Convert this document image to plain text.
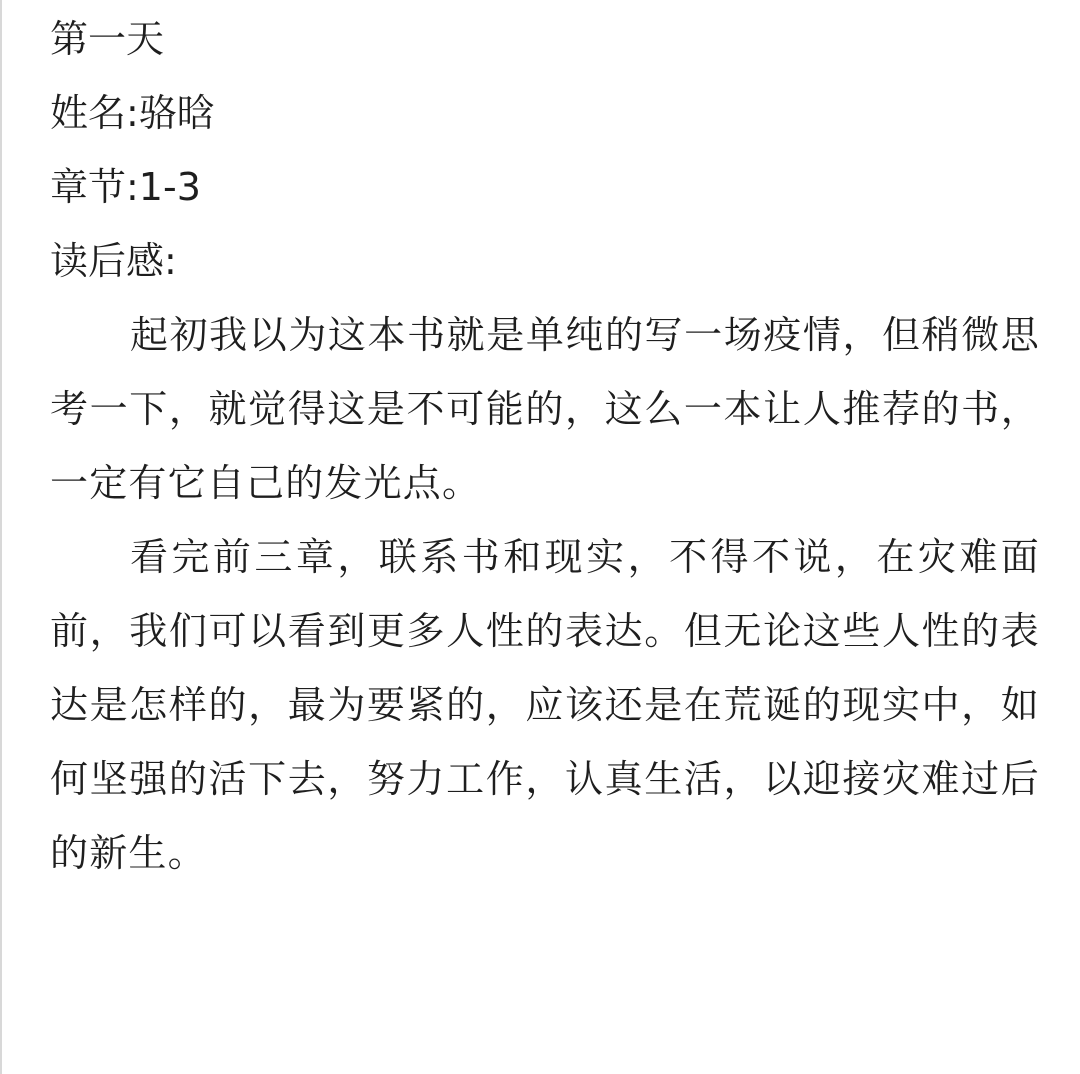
第一天

姓名:骆晗

章节:1-3

读后感:

起初我以为这本书就是单纯的写一场疫情，但稍微思考一下，就觉得这是不可能的，这么一本让人推荐的书，一定有它自己的发光点。

看完前三章，联系书和现实，不得不说，在灾难面前，我们可以看到更多人性的表达。但无论这些人性的表达是怎样的，最为要紧的，应该还是在荒诞的现实中，如何坚强的活下去，努力工作，认真生活，以迎接灾难过后的新生。
